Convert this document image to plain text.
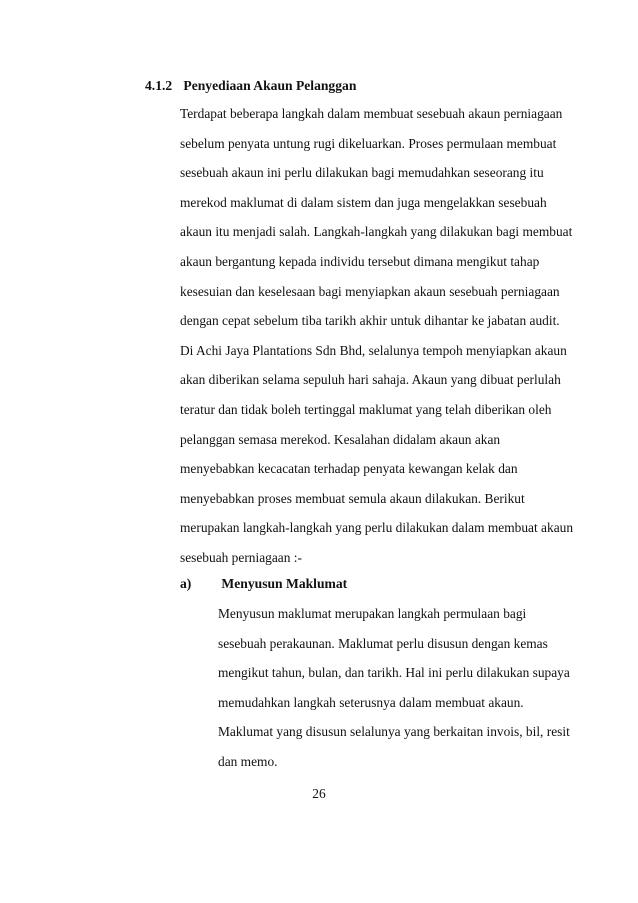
4.1.2 Penyediaan Akaun Pelanggan
Terdapat beberapa langkah dalam membuat sesebuah akaun perniagaan
sebelum penyata untung rugi dikeluarkan. Proses permulaan membuat
sesebuah akaun ini perlu dilakukan bagi memudahkan seseorang itu
merekod maklumat di dalam sistem dan juga mengelakkan sesebuah
akaun itu menjadi salah. Langkah-langkah yang dilakukan bagi membuat
akaun bergantung kepada individu tersebut dimana mengikut tahap
kesesuian dan keselesaan bagi menyiapkan akaun sesebuah perniagaan
dengan cepat sebelum tiba tarikh akhir untuk dihantar ke jabatan audit.
Di Achi Jaya Plantations Sdn Bhd, selalunya tempoh menyiapkan akaun
akan diberikan selama sepuluh hari sahaja. Akaun yang dibuat perlulah
teratur dan tidak boleh tertinggal maklumat yang telah diberikan oleh
pelanggan semasa merekod. Kesalahan didalam akaun akan
menyebabkan kecacatan terhadap penyata kewangan kelak dan
menyebabkan proses membuat semula akaun dilakukan. Berikut
merupakan langkah-langkah yang perlu dilakukan dalam membuat akaun
sesebuah perniagaan :-
a) Menyusun Maklumat
Menyusun maklumat merupakan langkah permulaan bagi
sesebuah perakaunan. Maklumat perlu disusun dengan kemas
mengikut tahun, bulan, dan tarikh. Hal ini perlu dilakukan supaya
memudahkan langkah seterusnya dalam membuat akaun.
Maklumat yang disusun selalunya yang berkaitan invois, bil, resit
dan memo.
26
